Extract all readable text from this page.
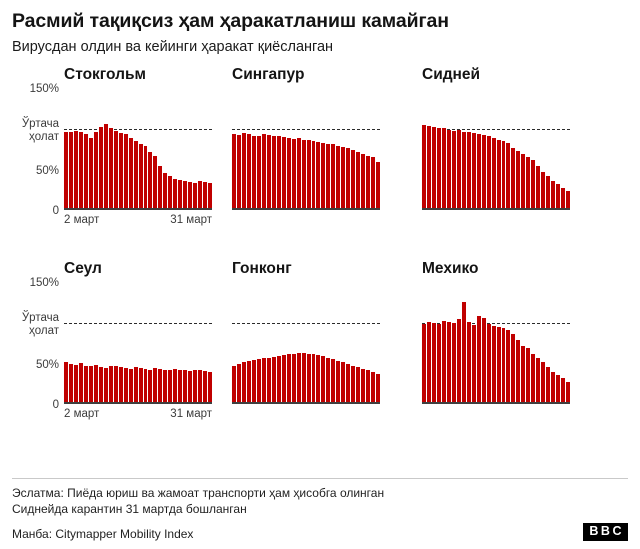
Расмий тақиқсиз ҳам ҳаракатланиш камайган

Вирусдан олдин ва кейинги ҳаракат қиёсланган

Стокгольм
150%
Ўртача
ҳолат
50%
0
2 март	31 март
Сингапур	Сидней
Сеул
150%
Ўртача
ҳолат
50%
0
2 март	31 март
Гонконг	Мехико
Эслатма: Пиёда юриш ва жамоат транспорти ҳам ҳисобга олинган
Сиднейда карантин 31 мартда бошланган
Манба: Citymapper Mobility Index	BBC
